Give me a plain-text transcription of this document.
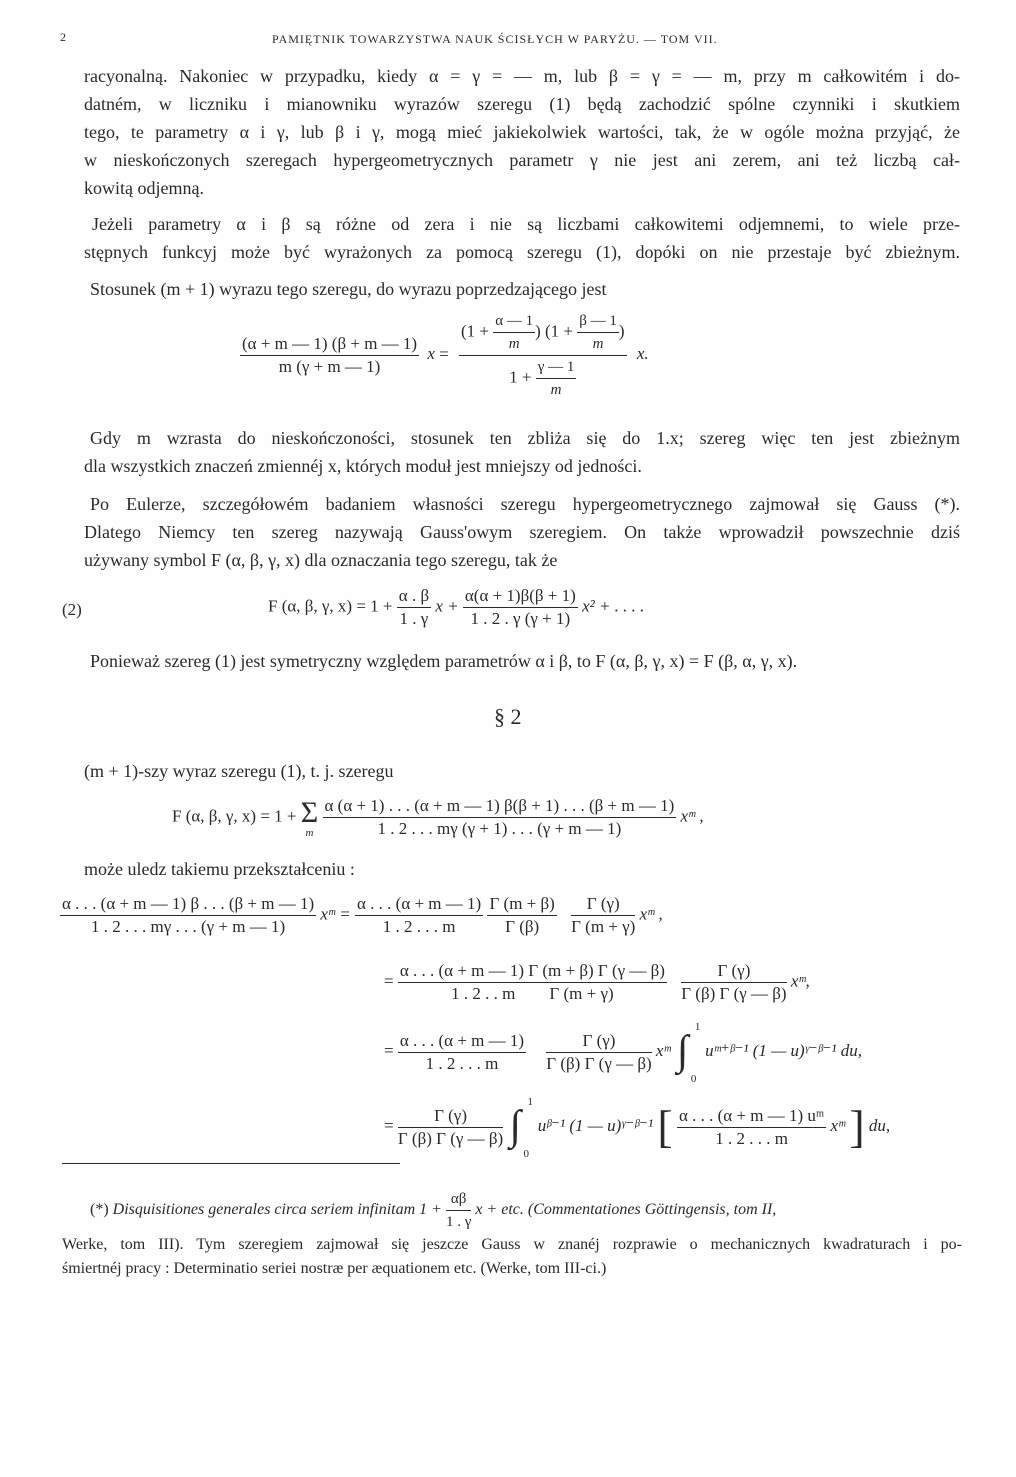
2	PAMIĘTNIK TOWARZYSTWA NAUK ŚCISŁYCH W PARYŻU. — TOM VII.
racyonalną. Nakoniec w przypadku, kiedy α = γ = — m, lub β = γ = — m, przy m całkowitém i do-
datném, w liczniku i mianowniku wyrazów szeregu (1) będą zachodzić spólne czynniki i skutkiem
tego, te parametry α i γ, lub β i γ, mogą mieć jakiekolwiek wartości, tak, że w ogóle można przyjąć, że
w nieskończonych szeregach hypergeometrycznych parametr γ nie jest ani zerem, ani też liczbą cał-
kowitą odjemną.
Jeżeli parametry α i β są różne od zera i nie są liczbami całkowitemi odjemnemi, to wiele prze-
stępnych funkcyj może być wyrażonych za pomocą szeregu (1), dopóki on nie przestaje być zbieżnym.
Stosunek (m + 1) wyrazu tego szeregu, do wyrazu poprzedzającego jest
$\frac{(\alpha + m — 1) (\beta + m — 1)}{m (\gamma + m — 1)}$ $x = \frac{(1 + \frac{\alpha — 1}{m} ) (1 + \frac{\beta — 1}{m} )}{1 + \frac{\gamma — 1}{m}} x$.
Gdy m wzrasta do nieskończoności, stosunek ten zbliża się do 1.x; szereg więc ten jest zbieżnym
dla wszystkich znaczeń zmiennéj x, których moduł jest mniejszy od jedności.
Po Eulerze, szczegółowém badaniem własności szeregu hypergeometrycznego zajmował się Gauss (*).
Dlatego Niemcy ten szereg nazywają Gauss'owym szeregiem. On także wprowadził powszechnie dziś
używany symbol F (α, β, γ, x) dla oznaczania tego szeregu, tak że
(2)	F (α, β, γ, $x) = 1 + \frac{\alpha . \beta}{1 . \gamma}$ $x + \frac{\alpha(\alpha + 1)\beta(\beta + 1)}{1 . 2 . \gamma (\gamma + 1)} x^2$ + . . . .
Ponieważ szereg (1) jest symetryczny względem parametrów α i β, to F (α, β, γ, x) = F (β, α, γ, x).
§ 2
(m + 1)-szy wyraz szeregu (1), t. j. szeregu
F (α, β, γ, x) = 1 + Σ
m
$\frac{\alpha (\alpha + 1) . . . (\alpha + m — 1) \beta(\beta + 1) . . . (\beta + m — 1)}{1 . 2 . . . m\gamma (\gamma + 1) . . . (\gamma + m — 1)}$ xᵐ ,
może uledz takiemu przekształceniu :
$\frac{\alpha . . . (\alpha + m — 1) \beta . . . (\beta + m — 1)}{1 . 2 . . . m\gamma . . . (\gamma + m — 1)}$ xᵐ = $\frac{\alpha . . . (\alpha + m — 1)}{1 . 2 . . . m}$
$\frac{\Gamma (m + \beta)}{\Gamma (\beta)}$
$\frac{\Gamma (\gamma)}{\Gamma (m + \gamma)}$ xᵐ ,
= $\frac{\alpha . . . (\alpha + m — 1) \Gamma (m + \beta) \Gamma (\gamma — \beta)}{\text{1 . 2 . . m        Γ (m + γ)}}$
$\frac{\Gamma (\gamma)}{\Gamma (\beta) \Gamma (\gamma — \beta)}$ xᵐ,
= $\frac{\alpha . . . (\alpha + m — 1)}{1 . 2 . . . m}$
$\frac{\Gamma (\gamma)}{\Gamma (\beta) \Gamma (\gamma — \beta)}$ xᵐ ∫
1
0
uᵐ⁺ᵝ⁻¹ (1 — u)ᵞ⁻ᵝ⁻¹ du,
= $\frac{\Gamma (\gamma)}{\Gamma (\beta) \Gamma (\gamma — \beta)}$
∫
1
0
uᵝ⁻¹ (1 — u)ᵞ⁻ᵝ⁻¹ [ $\frac{\text{α . . . (α + m — 1) uᵐ}}{1 . 2 . . . m}$ xᵐ ] du,
(*) Disquisitiones generales circa seriem infinitam $1 + \frac{\alpha\beta}{1 . \gamma}$ x + etc. (Commentationes Göttingensis, tom II,
Werke, tom III). Tym szeregiem zajmował się jeszcze Gauss w znanéj rozprawie o mechanicznych kwadraturach i po-
śmiertnéj pracy : Determinatio seriei nostræ per æquationem etc. (Werke, tom III-ci.)
